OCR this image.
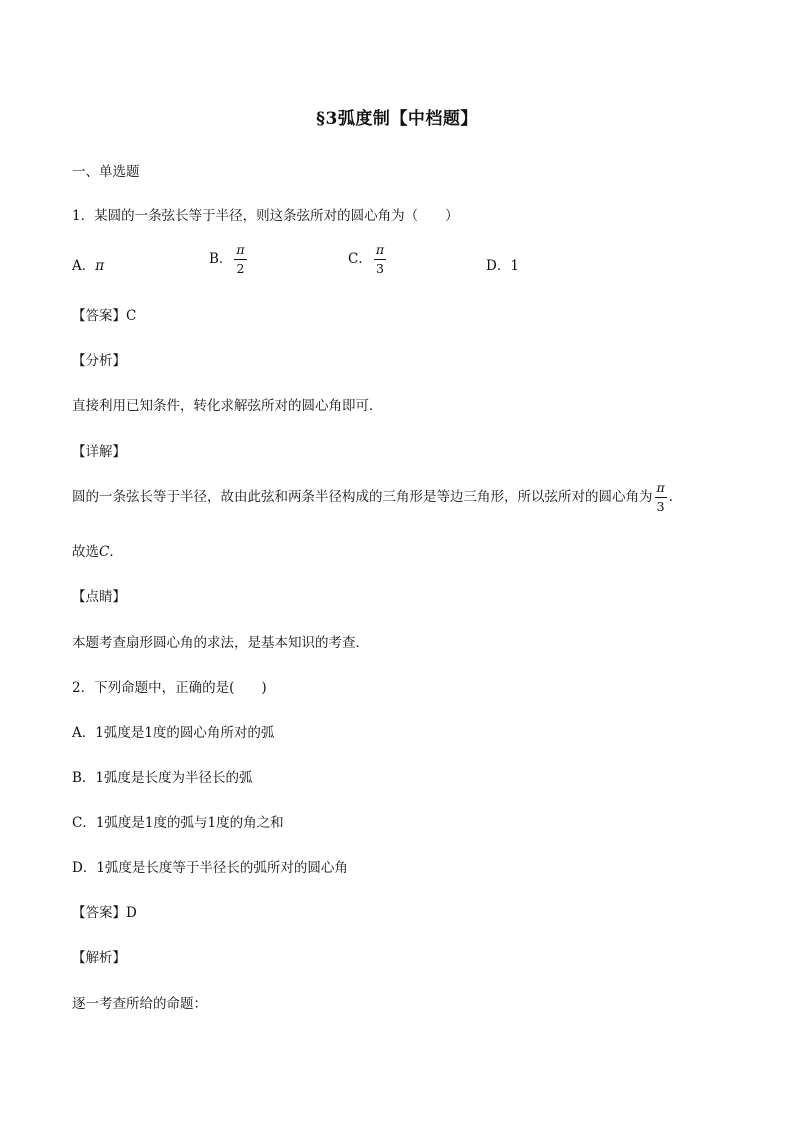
§3弧度制【中档题】
一、单选题
1．某圆的一条弦长等于半径，则这条弦所对的圆心角为（　　）
A．π	B． $\frac{\pi}{2}$	C． $\frac{\pi}{3}$	D．1
【答案】C
【分析】
直接利用已知条件，转化求解弦所对的圆心角即可．
【详解】
圆的一条弦长等于半径，故由此弦和两条半径构成的三角形是等边三角形，所以弦所对的圆心角为 $\frac{\pi}{3}$ ．
故选C．
【点睛】
本题考查扇形圆心角的求法，是基本知识的考查．
2．下列命题中，正确的是(　　)
A．1弧度是1度的圆心角所对的弧
B．1弧度是长度为半径长的弧
C．1弧度是1度的弧与1度的角之和
D．1弧度是长度等于半径长的弧所对的圆心角
【答案】D
【解析】
逐一考查所给的命题：
